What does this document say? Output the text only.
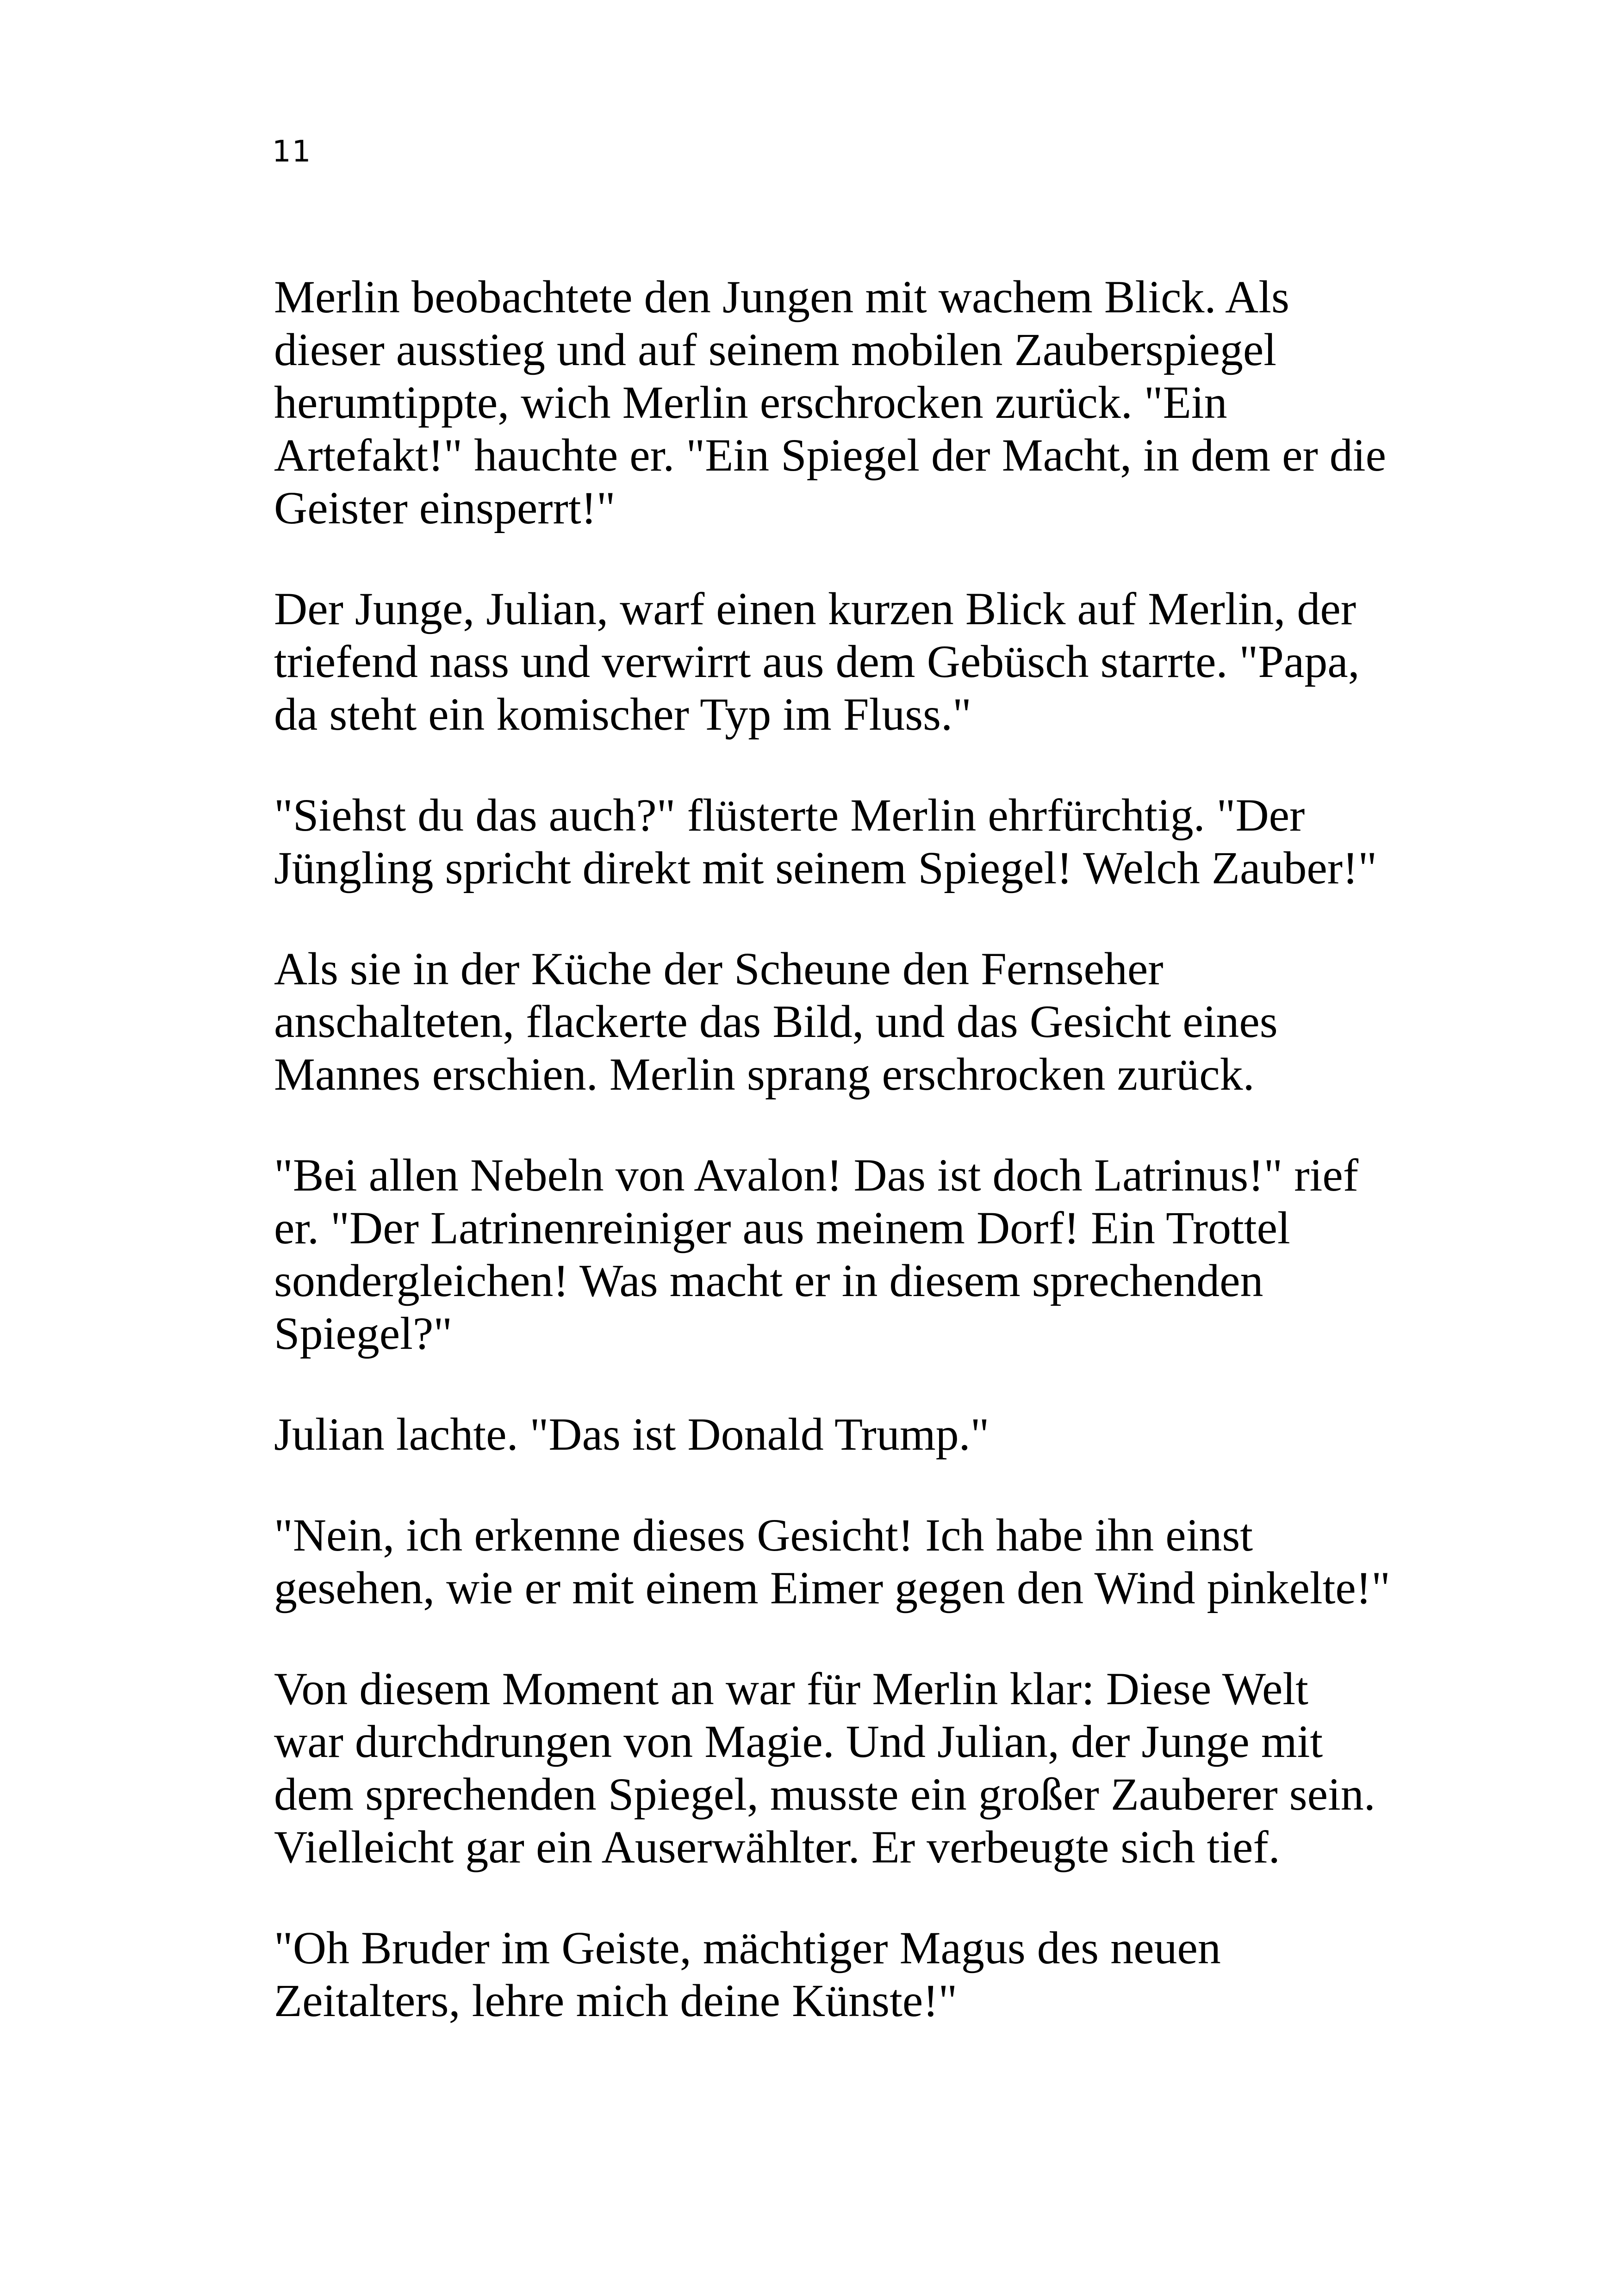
11

Merlin beobachtete den Jungen mit wachem Blick. Als
dieser ausstieg und auf seinem mobilen Zauberspiegel
herumtippte, wich Merlin erschrocken zurück. "Ein
Artefakt!" hauchte er. "Ein Spiegel der Macht, in dem er die
Geister einsperrt!"

Der Junge, Julian, warf einen kurzen Blick auf Merlin, der
triefend nass und verwirrt aus dem Gebüsch starrte. "Papa,
da steht ein komischer Typ im Fluss."

"Siehst du das auch?" flüsterte Merlin ehrfürchtig. "Der
Jüngling spricht direkt mit seinem Spiegel! Welch Zauber!"

Als sie in der Küche der Scheune den Fernseher
anschalteten, flackerte das Bild, und das Gesicht eines
Mannes erschien. Merlin sprang erschrocken zurück.

"Bei allen Nebeln von Avalon! Das ist doch Latrinus!" rief
er. "Der Latrinenreiniger aus meinem Dorf! Ein Trottel
sondergleichen! Was macht er in diesem sprechenden
Spiegel?"

Julian lachte. "Das ist Donald Trump."

"Nein, ich erkenne dieses Gesicht! Ich habe ihn einst
gesehen, wie er mit einem Eimer gegen den Wind pinkelte!"

Von diesem Moment an war für Merlin klar: Diese Welt
war durchdrungen von Magie. Und Julian, der Junge mit
dem sprechenden Spiegel, musste ein großer Zauberer sein.
Vielleicht gar ein Auserwählter. Er verbeugte sich tief.

"Oh Bruder im Geiste, mächtiger Magus des neuen
Zeitalters, lehre mich deine Künste!"
